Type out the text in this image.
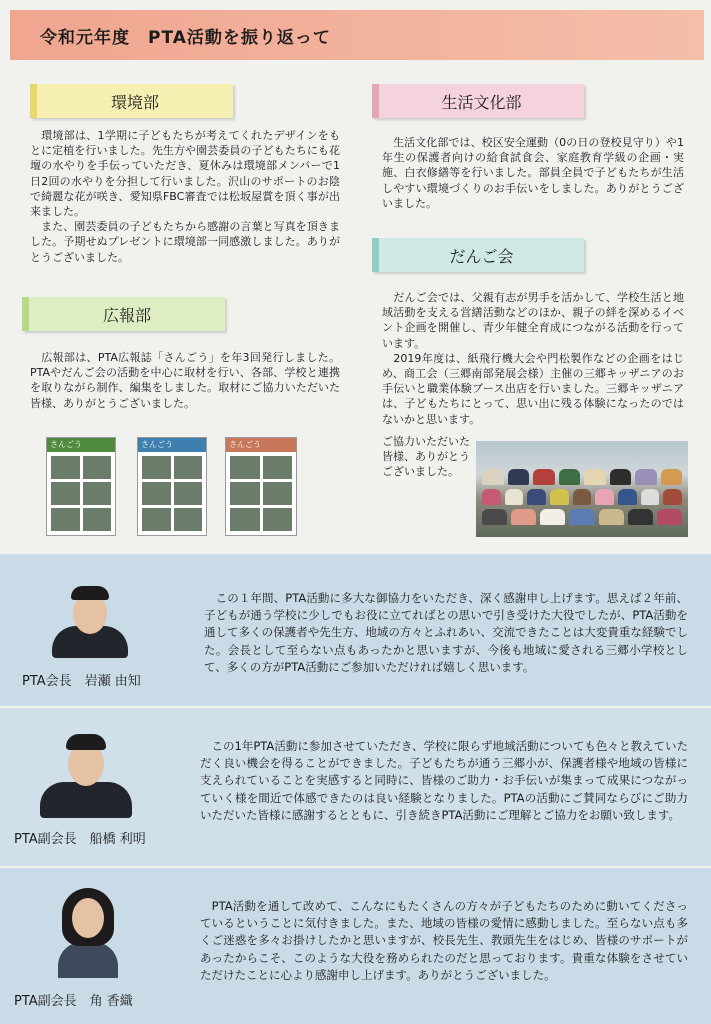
令和元年度　PTA活動を振り返って
環境部
　環境部は、1学期に子どもたちが考えてくれたデザインをもとに定植を行いました。先生方や園芸委員の子どもたちにも花壇の水やりを手伝っていただき、夏休みは環境部メンバーで1日2回の水やりを分担して行いました。沢山のサポートのお陰で綺麗な花が咲き、愛知県FBC審査では松坂屋賞を頂く事が出来ました。
　また、園芸委員の子どもたちから感謝の言葉と写真を頂きました。予期せぬプレゼントに環境部一同感激しました。ありがとうございました。
広報部
　広報部は、PTA広報誌「さんごう」を年3回発行しました。PTAやだんご会の活動を中心に取材を行い、各部、学校と連携を取りながら制作、編集をしました。取材にご協力いただいた皆様、ありがとうございました。
さんごう	さんごう	さんごう
生活文化部
　生活文化部では、校区安全運動（0の日の登校見守り）や1年生の保護者向けの給食試食会、家庭教育学級の企画・実施、白衣修繕等を行いました。部員全員で子どもたちが生活しやすい環境づくりのお手伝いをしました。ありがとうございました。
だんご会
　だんご会では、父親有志が男手を活かして、学校生活と地域活動を支える営繕活動などのほか、親子の絆を深めるイベント企画を開催し、青少年健全育成につながる活動を行っています。
　2019年度は、紙飛行機大会や門松製作などの企画をはじめ、商工会（三郷南部発展会様）主催の三郷キッザニアのお手伝いと職業体験ブース出店を行いました。三郷キッザニアは、子どもたちにとって、思い出に残る体験になったのではないかと思います。
ご協力いただいた皆様、ありがとうございました。
PTA会長　岩瀬 由知
　この１年間、PTA活動に多大な御協力をいただき、深く感謝申し上げます。思えば２年前、子どもが通う学校に少しでもお役に立てればとの思いで引き受けた大役でしたが、PTA活動を通して多くの保護者や先生方、地域の方々とふれあい、交流できたことは大変貴重な経験でした。会長として至らない点もあったかと思いますが、今後も地域に愛される三郷小学校として、多くの方がPTA活動にご参加いただければ嬉しく思います。
PTA副会長　船橋 利明
　この1年PTA活動に参加させていただき、学校に限らず地域活動についても色々と教えていただく良い機会を得ることができました。子どもたちが通う三郷小が、保護者様や地域の皆様に支えられていることを実感すると同時に、皆様のご助力・お手伝いが集まって成果につながっていく様を間近で体感できたのは良い経験となりました。PTAの活動にご賛同ならびにご助力いただいた皆様に感謝するとともに、引き続きPTA活動にご理解とご協力をお願い致します。
PTA副会長　角 香織
　PTA活動を通して改めて、こんなにもたくさんの方々が子どもたちのために動いてくださっているということに気付きました。また、地域の皆様の愛情に感動しました。至らない点も多くご迷惑を多々お掛けしたかと思いますが、校長先生、教頭先生をはじめ、皆様のサポートがあったからこそ、このような大役を務められたのだと思っております。貴重な体験をさせていただけたことに心より感謝申し上げます。ありがとうございました。
